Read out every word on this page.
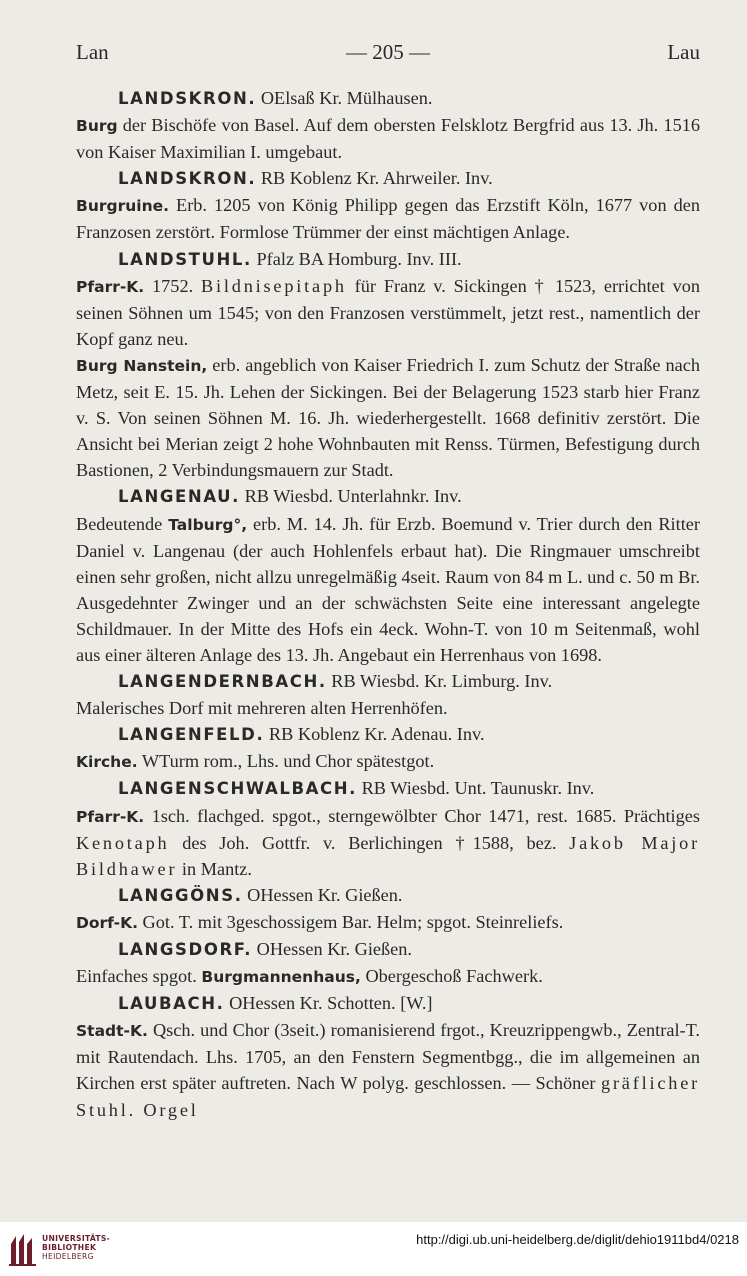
Lan	— 205 —	Lau
LANDSKRON. OElsaß Kr. Mülhausen.
Burg der Bischöfe von Basel. Auf dem obersten Felsklotz Bergfrid aus 13. Jh. 1516 von Kaiser Maximilian I. umgebaut.
LANDSKRON. RB Koblenz Kr. Ahrweiler. Inv.
Burgruine. Erb. 1205 von König Philipp gegen das Erzstift Köln, 1677 von den Franzosen zerstört. Formlose Trümmer der einst mächtigen Anlage.
LANDSTUHL. Pfalz BA Homburg. Inv. III.
Pfarr-K. 1752. Bildnisepitaph für Franz v. Sickingen † 1523, errichtet von seinen Söhnen um 1545; von den Franzosen verstümmelt, jetzt rest., namentlich der Kopf ganz neu.
Burg Nanstein, erb. angeblich von Kaiser Friedrich I. zum Schutz der Straße nach Metz, seit E. 15. Jh. Lehen der Sickingen. Bei der Belagerung 1523 starb hier Franz v. S. Von seinen Söhnen M. 16. Jh. wiederhergestellt. 1668 definitiv zerstört. Die Ansicht bei Merian zeigt 2 hohe Wohnbauten mit Renss. Türmen, Befestigung durch Bastionen, 2 Verbindungsmauern zur Stadt.
LANGENAU. RB Wiesbd. Unterlahnkr. Inv.
Bedeutende Talburg°, erb. M. 14. Jh. für Erzb. Boemund v. Trier durch den Ritter Daniel v. Langenau (der auch Hohlenfels erbaut hat). Die Ringmauer umschreibt einen sehr großen, nicht allzu unregelmäßig 4seit. Raum von 84 m L. und c. 50 m Br. Ausgedehnter Zwinger und an der schwächsten Seite eine interessant angelegte Schildmauer. In der Mitte des Hofs ein 4eck. Wohn-T. von 10 m Seitenmaß, wohl aus einer älteren Anlage des 13. Jh. Angebaut ein Herrenhaus von 1698.
LANGENDERNBACH. RB Wiesbd. Kr. Limburg. Inv.
Malerisches Dorf mit mehreren alten Herrenhöfen.
LANGENFELD. RB Koblenz Kr. Adenau. Inv.
Kirche. WTurm rom., Lhs. und Chor spätestgot.
LANGENSCHWALBACH. RB Wiesbd. Unt. Taunuskr. Inv.
Pfarr-K. 1sch. flachged. spgot., sterngewölbter Chor 1471, rest. 1685. Prächtiges Kenotaph des Joh. Gottfr. v. Berlichingen †1588, bez. Jakob Major Bildhawer in Mantz.
LANGGÖNS. OHessen Kr. Gießen.
Dorf-K. Got. T. mit 3geschossigem Bar. Helm; spgot. Steinreliefs.
LANGSDORF. OHessen Kr. Gießen.
Einfaches spgot. Burgmannenhaus, Obergeschoß Fachwerk.
LAUBACH. OHessen Kr. Schotten. [W.]
Stadt-K. Qsch. und Chor (3seit.) romanisierend frgot., Kreuzrippengwb., Zentral-T. mit Rautendach. Lhs. 1705, an den Fenstern Segmentbgg., die im allgemeinen an Kirchen erst später auftreten. Nach W polyg. geschlossen. — Schöner gräflicher Stuhl. Orgel
UNIVERSITÄTS-
BIBLIOTHEK
HEIDELBERG
http://digi.ub.uni-heidelberg.de/diglit/dehio1911bd4/0218
